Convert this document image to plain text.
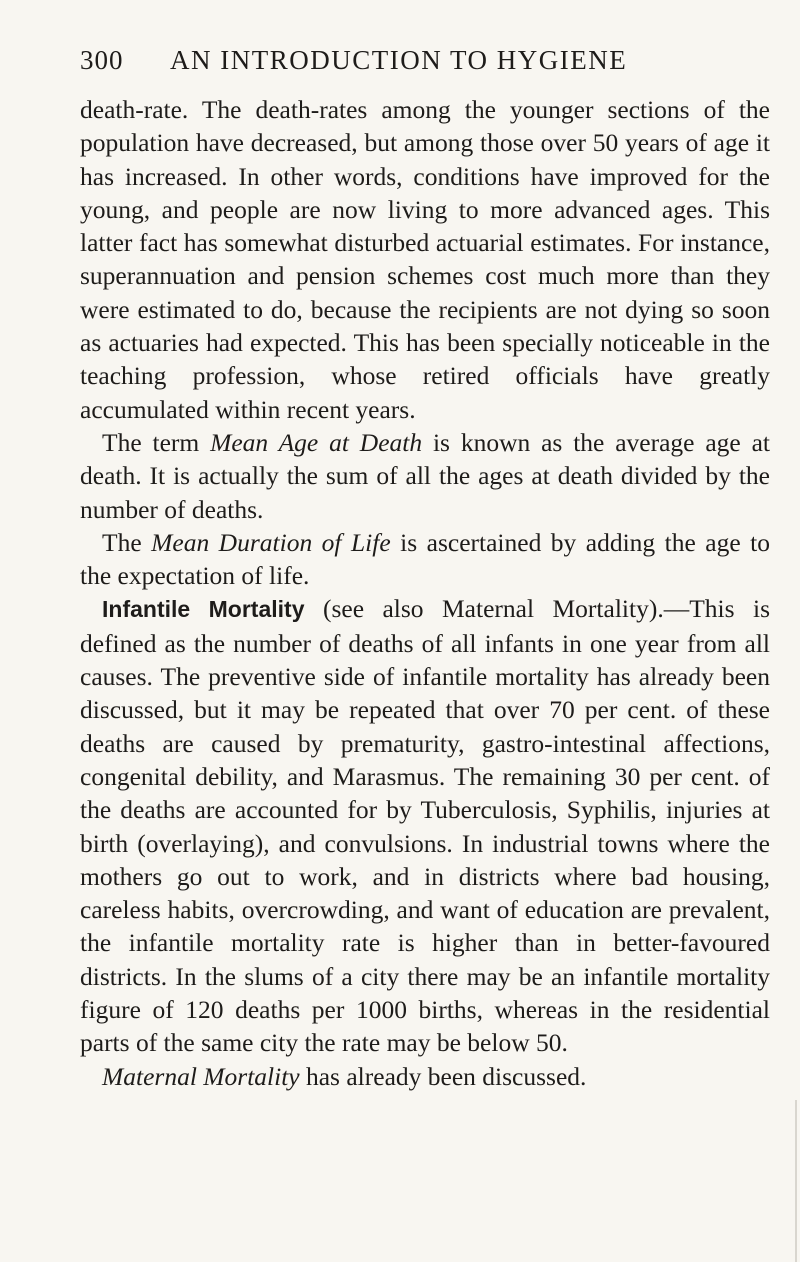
300	AN INTRODUCTION TO HYGIENE

death-rate. The death-rates among the younger sections of the population have decreased, but among those over 50 years of age it has increased. In other words, conditions have improved for the young, and people are now living to more advanced ages. This latter fact has somewhat disturbed actuarial estimates. For instance, superannuation and pension schemes cost much more than they were estimated to do, because the recipients are not dying so soon as actuaries had expected. This has been specially noticeable in the teaching profession, whose retired officials have greatly accumulated within recent years.

The term Mean Age at Death is known as the average age at death. It is actually the sum of all the ages at death divided by the number of deaths.

The Mean Duration of Life is ascertained by adding the age to the expectation of life.

Infantile Mortality (see also Maternal Mortality).—This is defined as the number of deaths of all infants in one year from all causes. The preventive side of infantile mortality has already been discussed, but it may be repeated that over 70 per cent. of these deaths are caused by prematurity, gastro-intestinal affections, congenital debility, and Marasmus. The remaining 30 per cent. of the deaths are accounted for by Tuberculosis, Syphilis, injuries at birth (overlaying), and convulsions. In industrial towns where the mothers go out to work, and in districts where bad housing, careless habits, overcrowding, and want of education are prevalent, the infantile mortality rate is higher than in better-favoured districts. In the slums of a city there may be an infantile mortality figure of 120 deaths per 1000 births, whereas in the residential parts of the same city the rate may be below 50.

Maternal Mortality has already been discussed.
